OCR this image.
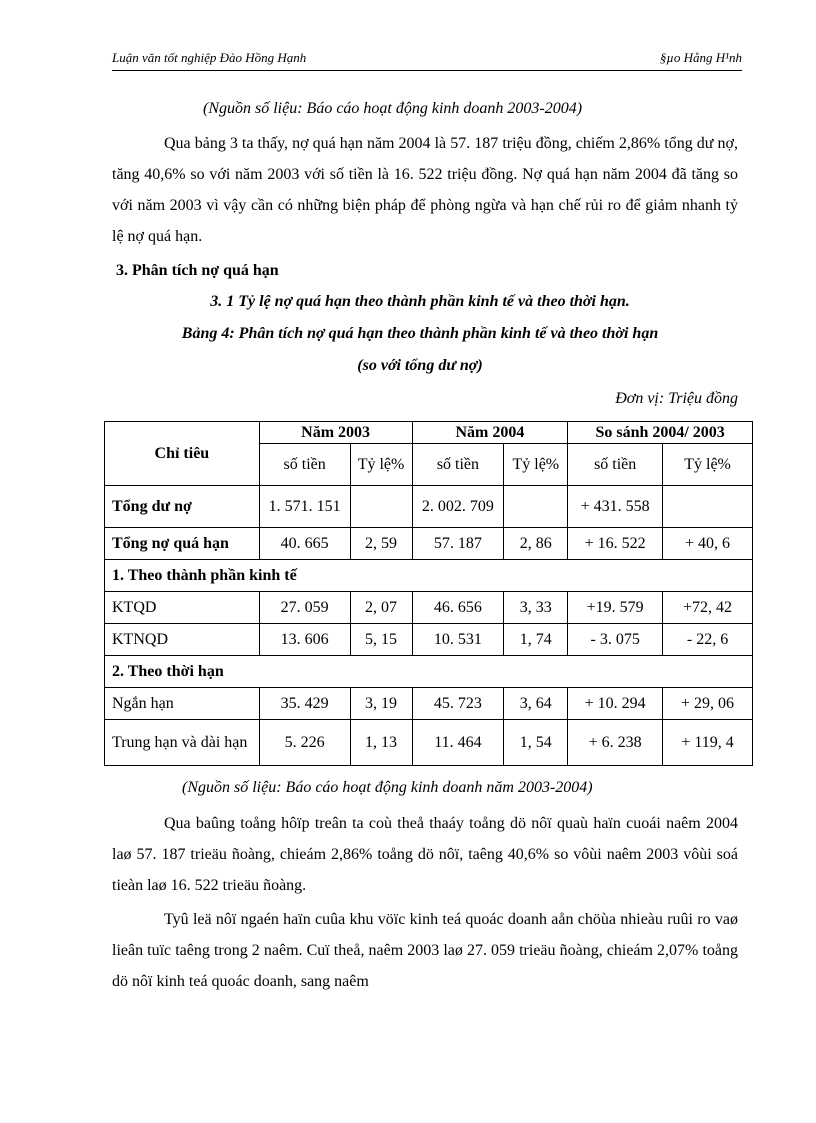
Luận văn tốt nghiệp Đào Hồng Hạnh	§µo Hång H¹nh
(Nguồn số liệu: Báo cáo hoạt động kinh doanh 2003-2004)

Qua bảng 3 ta thấy, nợ quá hạn năm 2004 là 57. 187 triệu đồng, chiếm 2,86% tổng dư nợ, tăng 40,6% so với năm 2003 với số tiền là 16. 522 triệu đồng. Nợ quá hạn năm 2004 đã tăng so với năm 2003 vì vậy cần có những biện pháp để phòng ngừa và hạn chế rủi ro để giảm nhanh tỷ lệ nợ quá hạn.

3. Phân tích nợ quá hạn
3. 1 Tỷ lệ nợ quá hạn theo thành phần kinh tế và theo thời hạn.
Bảng 4: Phân tích nợ quá hạn theo thành phần kinh tế và theo thời hạn
(so với tổng dư nợ)
Đơn vị: Triệu đồng
Chỉ tiêu	Năm 2003		Năm 2004		So sánh 2004/ 2003	
	số tiền	Tỷ lệ%	số tiền	Tỷ lệ%	số tiền	Tỷ lệ%
Tổng dư nợ	1. 571. 151		2. 002. 709		+ 431. 558	
Tổng nợ quá hạn	40. 665	2, 59	57. 187	2, 86	+ 16. 522	+ 40, 6
1. Theo thành phần kinh tế						
KTQD	27. 059	2, 07	46. 656	3, 33	+19. 579	+72, 42
KTNQD	13. 606	5, 15	10. 531	1, 74	- 3. 075	- 22, 6
2. Theo thời hạn						
Ngắn hạn	35. 429	3, 19	45. 723	3, 64	+ 10. 294	+ 29, 06
Trung hạn và dài hạn	5. 226	1, 13	11. 464	1, 54	+ 6. 238	+ 119, 4
(Nguồn số liệu: Báo cáo hoạt động kinh doanh năm 2003-2004)

Qua baûng toång hôïp treân ta coù theå thaáy toång dö nôï quaù haïn cuoái naêm 2004 laø 57. 187 trieäu ñoàng, chieám 2,86% toång dö nôï, taêng 40,6% so vôùi naêm 2003 vôùi soá tieàn laø 16. 522 trieäu ñoàng.

Tyû leä nôï ngaén haïn cuûa khu vöïc kinh teá quoác doanh aån chöùa nhieàu ruûi ro vaø lieân tuïc taêng trong 2 naêm. Cuï theå, naêm 2003 laø 27. 059 trieäu ñoàng, chieám 2,07% toång dö nôï kinh teá quoác doanh, sang naêm
